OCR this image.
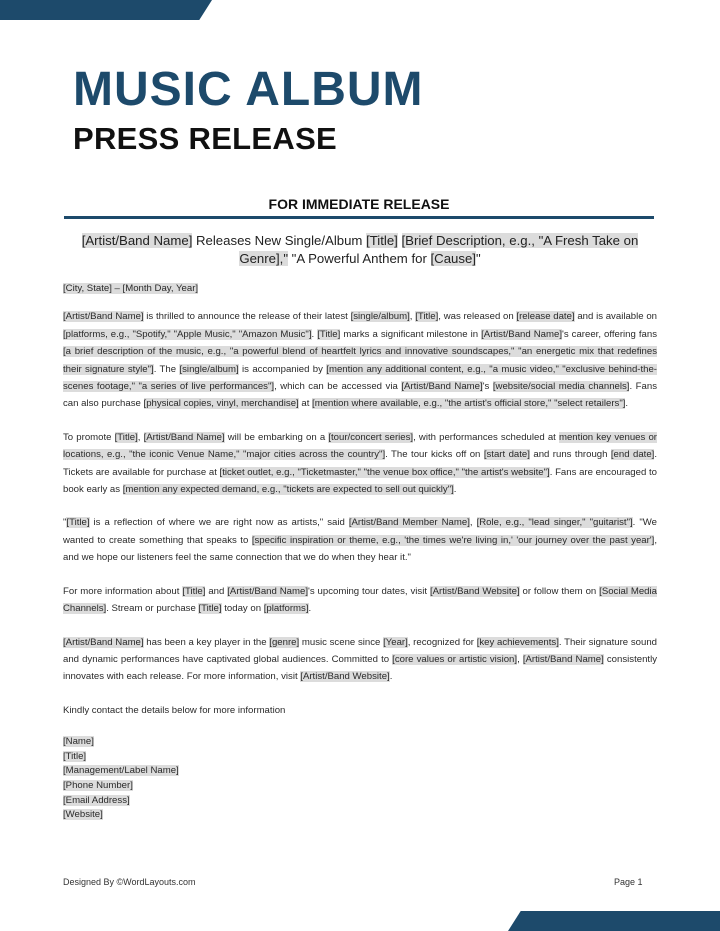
MUSIC ALBUM
PRESS RELEASE
FOR IMMEDIATE RELEASE
[Artist/Band Name] Releases New Single/Album [Title] [Brief Description, e.g., "A Fresh Take on Genre]," "A Powerful Anthem for [Cause]"

[City, State] – [Month Day, Year]

[Artist/Band Name] is thrilled to announce the release of their latest [single/album], [Title], was released on [release date] and is available on [platforms, e.g., "Spotify," "Apple Music," "Amazon Music"]. [Title] marks a significant milestone in [Artist/Band Name]'s career, offering fans [a brief description of the music, e.g., "a powerful blend of heartfelt lyrics and innovative soundscapes," "an energetic mix that redefines their signature style"]. The [single/album] is accompanied by [mention any additional content, e.g., "a music video," "exclusive behind-the-scenes footage," "a series of live performances"], which can be accessed via [Artist/Band Name]'s [website/social media channels]. Fans can also purchase [physical copies, vinyl, merchandise] at [mention where available, e.g., "the artist's official store," "select retailers"].

To promote [Title], [Artist/Band Name] will be embarking on a [tour/concert series], with performances scheduled at mention key venues or locations, e.g., "the iconic Venue Name," "major cities across the country"]. The tour kicks off on [start date] and runs through [end date]. Tickets are available for purchase at [ticket outlet, e.g., "Ticketmaster," "the venue box office," "the artist's website"]. Fans are encouraged to book early as [mention any expected demand, e.g., "tickets are expected to sell out quickly"].

"[Title] is a reflection of where we are right now as artists," said [Artist/Band Member Name], [Role, e.g., "lead singer," "guitarist"]. "We wanted to create something that speaks to [specific inspiration or theme, e.g., 'the times we're living in,' 'our journey over the past year'], and we hope our listeners feel the same connection that we do when they hear it."

For more information about [Title] and [Artist/Band Name]'s upcoming tour dates, visit [Artist/Band Website] or follow them on [Social Media Channels]. Stream or purchase [Title] today on [platforms].

[Artist/Band Name] has been a key player in the [genre] music scene since [Year], recognized for [key achievements]. Their signature sound and dynamic performances have captivated global audiences. Committed to [core values or artistic vision], [Artist/Band Name] consistently innovates with each release. For more information, visit [Artist/Band Website].

Kindly contact the details below for more information

[Name]
[Title]
[Management/Label Name]
[Phone Number]
[Email Address]
[Website]
Designed By ©WordLayouts.com	Page 1
